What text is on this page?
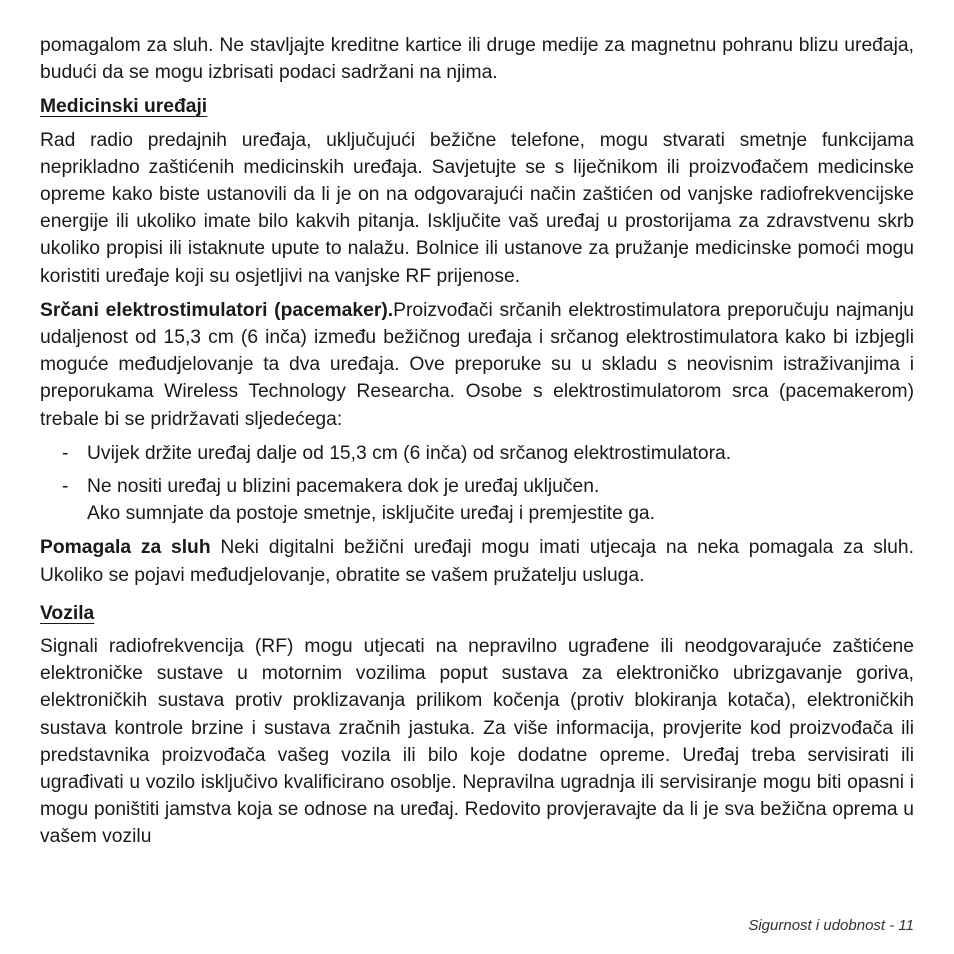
pomagalom za sluh. Ne stavljajte kreditne kartice ili druge medije za magnetnu pohranu blizu uređaja, budući da se mogu izbrisati podaci sadržani na njima.

Medicinski uređaji

Rad radio predajnih uređaja, uključujući bežične telefone, mogu stvarati smetnje funkcijama neprikladno zaštićenih medicinskih uređaja. Savjetujte se s liječnikom ili proizvođačem medicinske opreme kako biste ustanovili da li je on na odgovarajući način zaštićen od vanjske radiofrekvencijske energije ili ukoliko imate bilo kakvih pitanja. Isključite vaš uređaj u prostorijama za zdravstvenu skrb ukoliko propisi ili istaknute upute to nalažu. Bolnice ili ustanove za pružanje medicinske pomoći mogu koristiti uređaje koji su osjetljivi na vanjske RF prijenose.

Srčani elektrostimulatori (pacemaker).Proizvođači srčanih elektrostimulatora preporučuju najmanju udaljenost od 15,3 cm (6 inča) između bežičnog uređaja i srčanog elektrostimulatora kako bi izbjegli moguće međudjelovanje ta dva uređaja. Ove preporuke su u skladu s neovisnim istraživanjima i preporukama Wireless Technology Researcha. Osobe s elektrostimulatorom srca (pacemakerom) trebale bi se pridržavati sljedećega:

- Uvijek držite uređaj dalje od 15,3 cm (6 inča) od srčanog elektrostimulatora.
- Ne nositi uređaj u blizini pacemakera dok je uređaj uključen.
Ako sumnjate da postoje smetnje, isključite uređaj i premjestite ga.

Pomagala za sluh Neki digitalni bežični uređaji mogu imati utjecaja na neka pomagala za sluh. Ukoliko se pojavi međudjelovanje, obratite se vašem pružatelju usluga.

Vozila

Signali radiofrekvencija (RF) mogu utjecati na nepravilno ugrađene ili neodgovarajuće zaštićene elektroničke sustave u motornim vozilima poput sustava za elektroničko ubrizgavanje goriva, elektroničkih sustava protiv proklizavanja prilikom kočenja (protiv blokiranja kotača), elektroničkih sustava kontrole brzine i sustava zračnih jastuka. Za više informacija, provjerite kod proizvođača ili predstavnika proizvođača vašeg vozila ili bilo koje dodatne opreme. Uređaj treba servisirati ili ugrađivati u vozilo isključivo kvalificirano osoblje. Nepravilna ugradnja ili servisiranje mogu biti opasni i mogu poništiti jamstva koja se odnose na uređaj. Redovito provjeravajte da li je sva bežična oprema u vašem vozilu

Sigurnost i udobnost - 11
